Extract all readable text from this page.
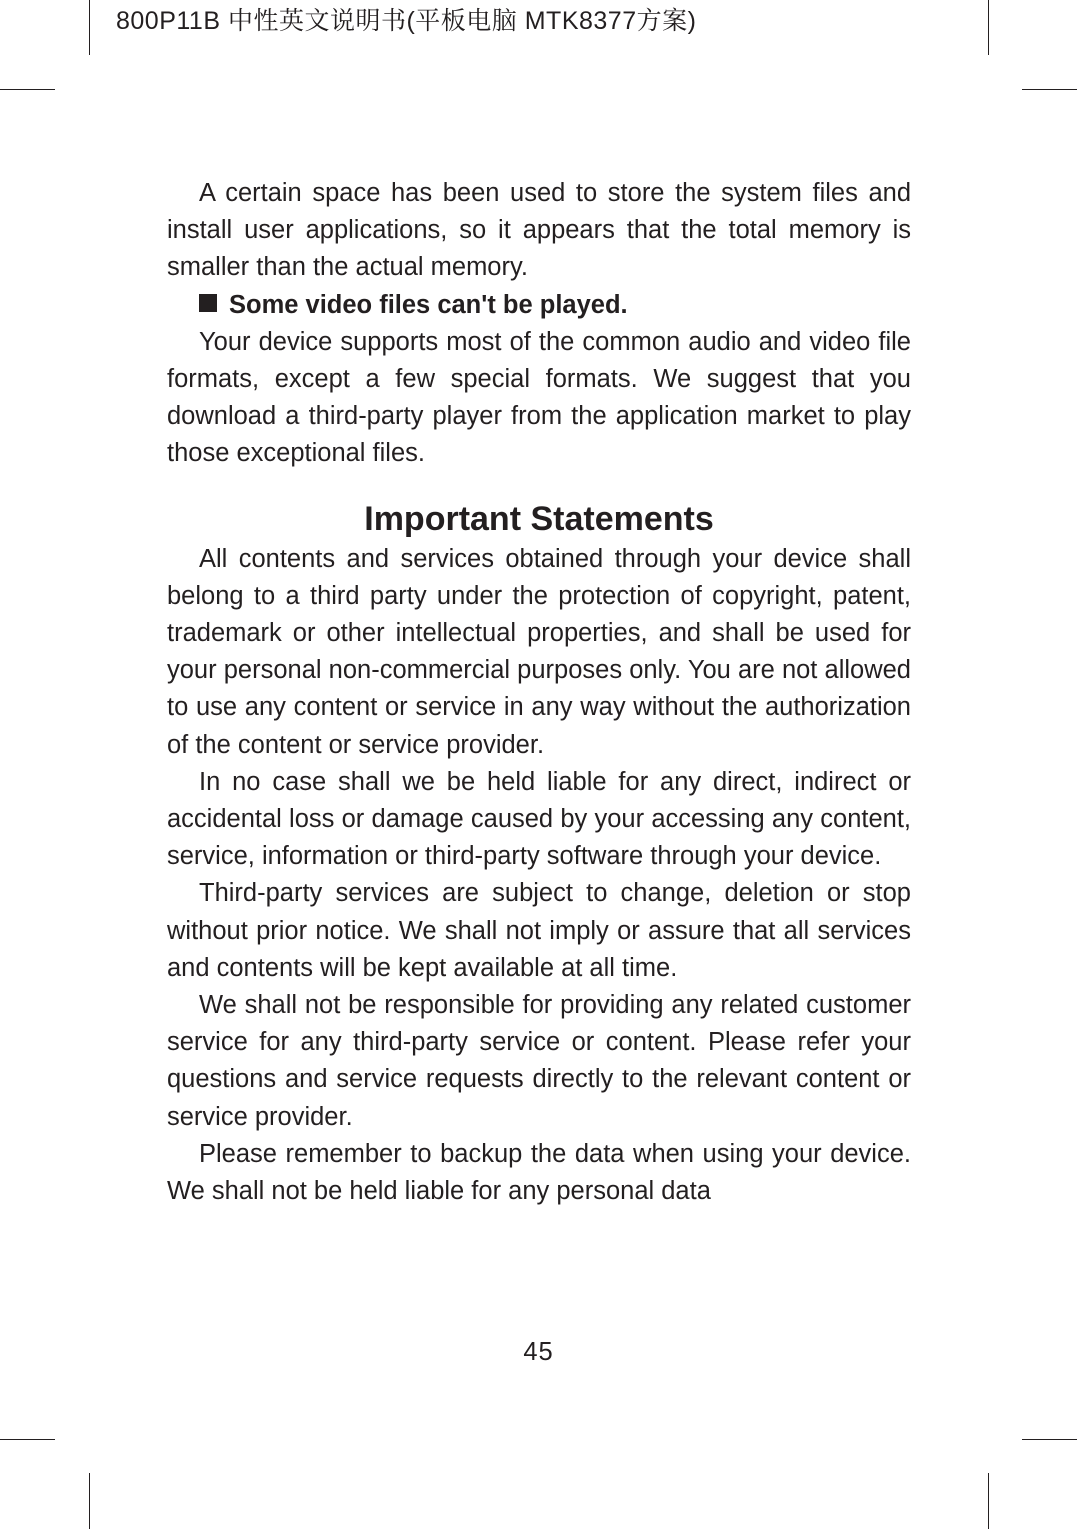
800P11B 中性英文说明书(平板电脑 MTK8377方案)

A certain space has been used to store the system files and install user applications, so it appears that the total memory is smaller than the actual memory.

Some video files can't be played.

Your device supports most of the common audio and video file formats, except a few special formats. We suggest that you download a third-party player from the application market to play those exceptional files.

Important Statements

All contents and services obtained through your device shall belong to a third party under the protection of copyright, patent, trademark or other intellectual properties, and shall be used for your personal non-commercial purposes only. You are not allowed to use any content or service in any way without the authorization of the content or service provider.

In no case shall we be held liable for any direct, indirect or accidental loss or damage caused by your accessing any content, service, information or third-party software through your device.

Third-party services are subject to change, deletion or stop without prior notice. We shall not imply or assure that all services and contents will be kept available at all time.

We shall not be responsible for providing any related customer service for any third-party service or content. Please refer your questions and service requests directly to the relevant content or service provider.

Please remember to backup the data when using your device. We shall not be held liable for any personal data

45
